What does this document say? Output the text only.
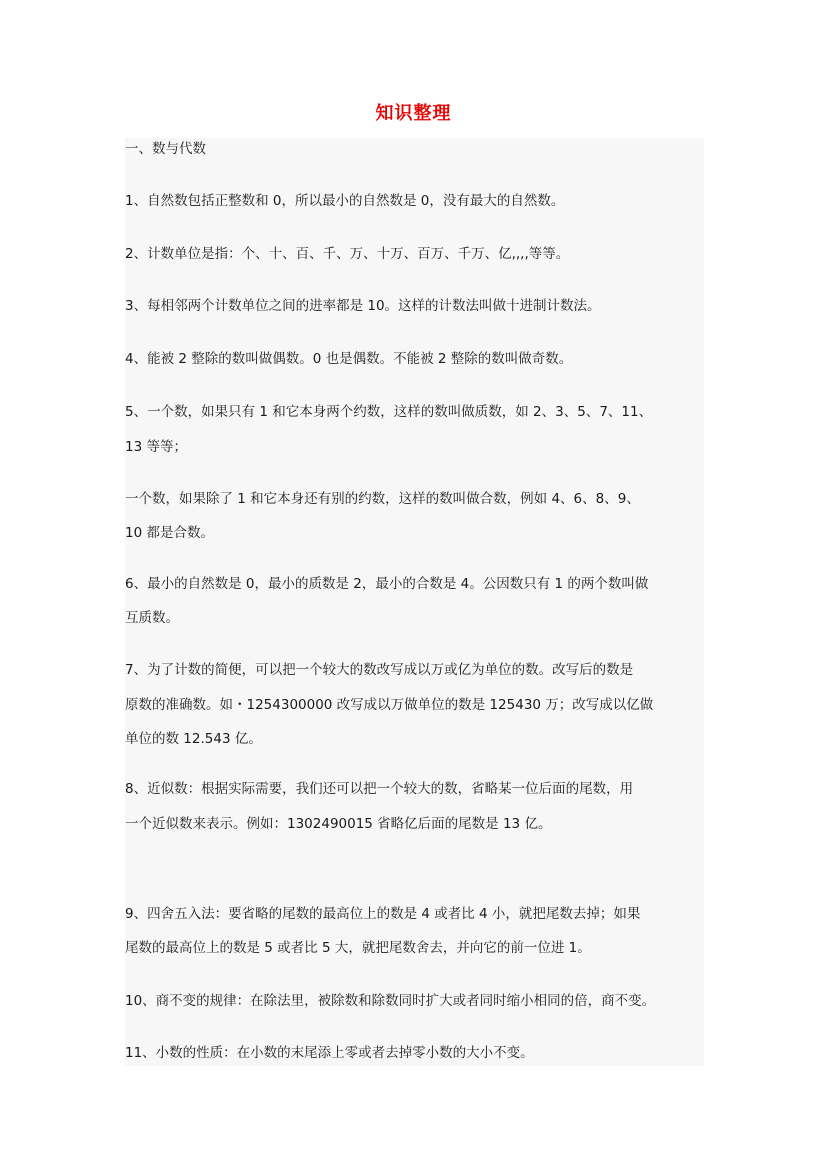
知识整理
一、数与代数
1、自然数包括正整数和 0，所以最小的自然数是 0，没有最大的自然数。
2、计数单位是指：个、十、百、千、万、十万、百万、千万、亿,,,,等等。
3、每相邻两个计数单位之间的进率都是 10。这样的计数法叫做十进制计数法。
4、能被 2 整除的数叫做偶数。0 也是偶数。不能被 2 整除的数叫做奇数。
5、一个数，如果只有 1 和它本身两个约数，这样的数叫做质数，如 2、3、5、7、11、
13 等等；
一个数，如果除了 1 和它本身还有别的约数，这样的数叫做合数，例如 4、6、8、9、
10 都是合数。
6、最小的自然数是 0，最小的质数是 2，最小的合数是 4。公因数只有 1 的两个数叫做
互质数。
7、为了计数的简便，可以把一个较大的数改写成以万或亿为单位的数。改写后的数是
原数的准确数。如・1254300000 改写成以万做单位的数是 125430 万；改写成以亿做
单位的数 12.543 亿。
8、近似数：根据实际需要，我们还可以把一个较大的数，省略某一位后面的尾数，用
一个近似数来表示。例如：1302490015 省略亿后面的尾数是 13 亿。
9、四舍五入法：要省略的尾数的最高位上的数是 4 或者比 4 小，就把尾数去掉；如果
尾数的最高位上的数是 5 或者比 5 大，就把尾数舍去，并向它的前一位进 1。
10、商不变的规律：在除法里，被除数和除数同时扩大或者同时缩小相同的倍，商不变。
11、小数的性质：在小数的末尾添上零或者去掉零小数的大小不变。
